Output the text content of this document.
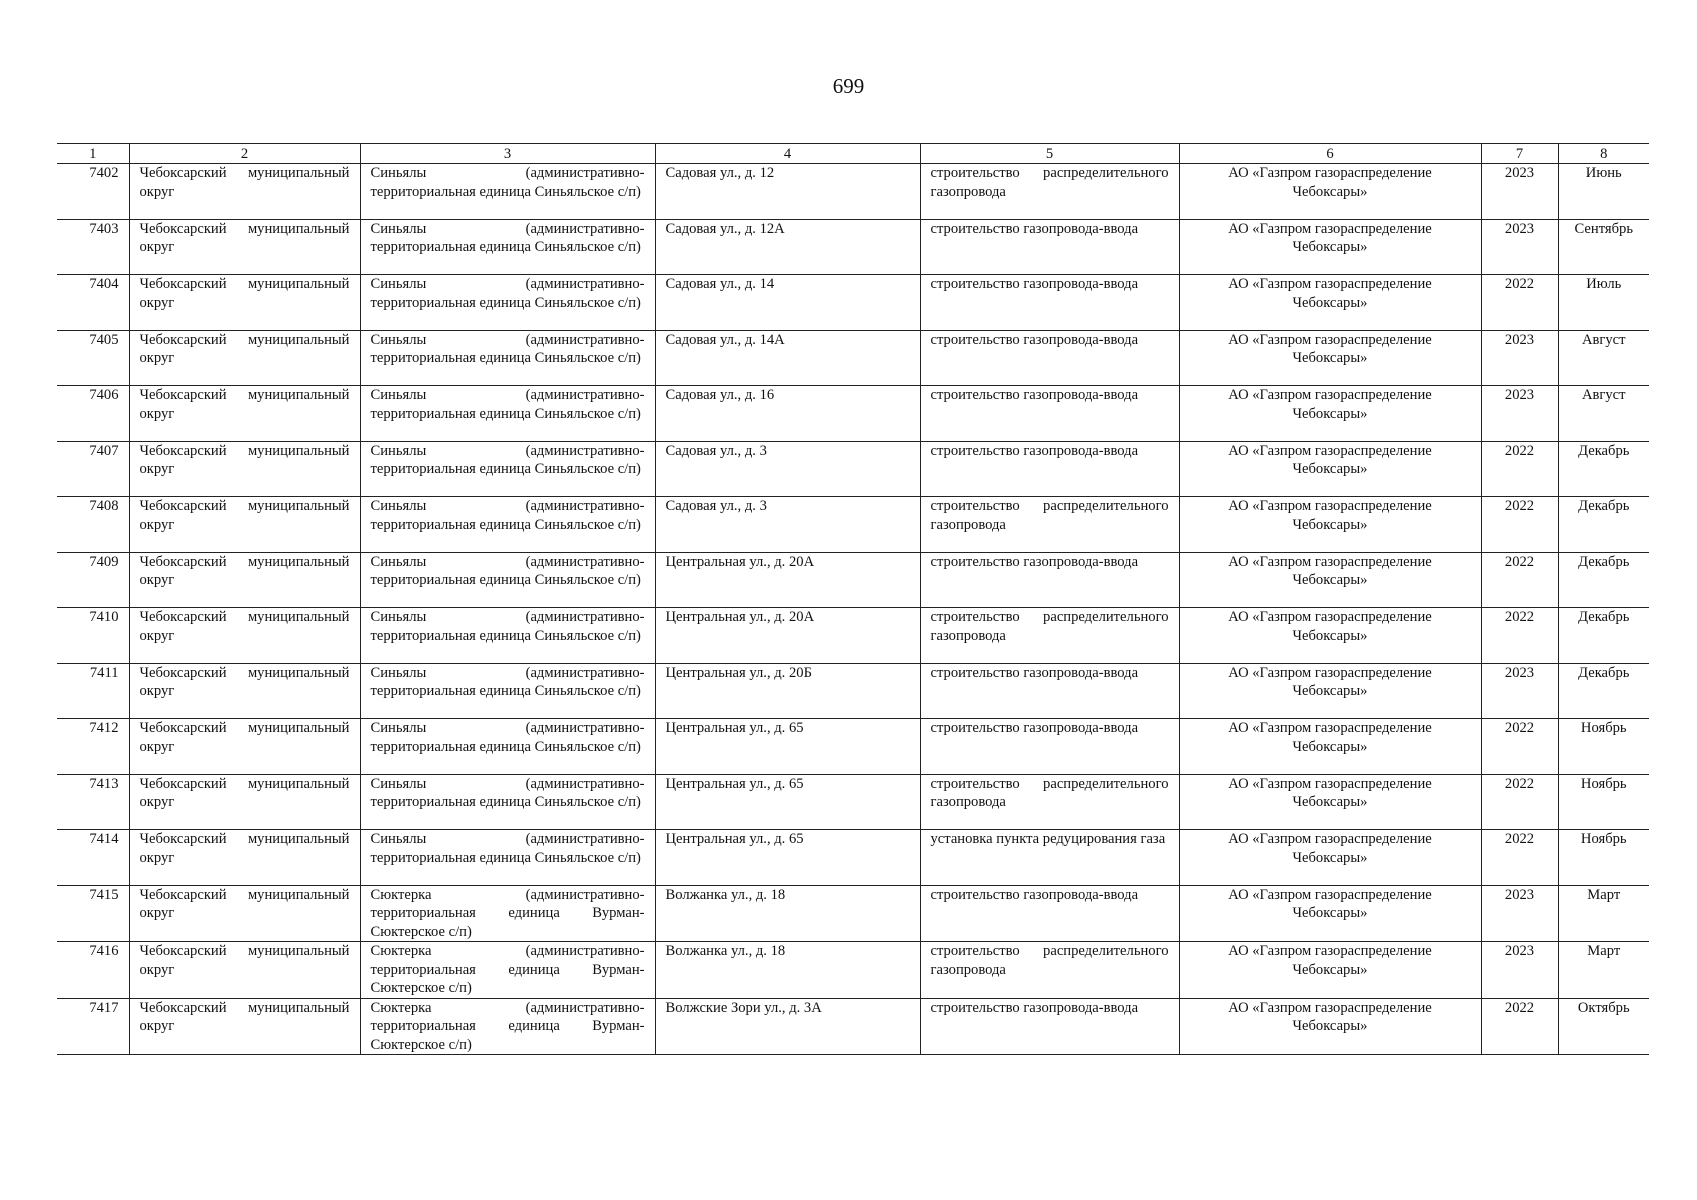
699
1	2	3	4	5	6	7	8
7402	Чебоксарский муниципальный округ	Синьялы (административно-территориальная единица Синьяльское с/п)	Садовая ул., д. 12	строительство распределительного газопровода	АО «Газпром газораспределение Чебоксары»	2023	Июнь
7403	Чебоксарский муниципальный округ	Синьялы (административно-территориальная единица Синьяльское с/п)	Садовая ул., д. 12А	строительство газопровода-ввода	АО «Газпром газораспределение Чебоксары»	2023	Сентябрь
7404	Чебоксарский муниципальный округ	Синьялы (административно-территориальная единица Синьяльское с/п)	Садовая ул., д. 14	строительство газопровода-ввода	АО «Газпром газораспределение Чебоксары»	2022	Июль
7405	Чебоксарский муниципальный округ	Синьялы (административно-территориальная единица Синьяльское с/п)	Садовая ул., д. 14А	строительство газопровода-ввода	АО «Газпром газораспределение Чебоксары»	2023	Август
7406	Чебоксарский муниципальный округ	Синьялы (административно-территориальная единица Синьяльское с/п)	Садовая ул., д. 16	строительство газопровода-ввода	АО «Газпром газораспределение Чебоксары»	2023	Август
7407	Чебоксарский муниципальный округ	Синьялы (административно-территориальная единица Синьяльское с/п)	Садовая ул., д. 3	строительство газопровода-ввода	АО «Газпром газораспределение Чебоксары»	2022	Декабрь
7408	Чебоксарский муниципальный округ	Синьялы (административно-территориальная единица Синьяльское с/п)	Садовая ул., д. 3	строительство распределительного газопровода	АО «Газпром газораспределение Чебоксары»	2022	Декабрь
7409	Чебоксарский муниципальный округ	Синьялы (административно-территориальная единица Синьяльское с/п)	Центральная ул., д. 20А	строительство газопровода-ввода	АО «Газпром газораспределение Чебоксары»	2022	Декабрь
7410	Чебоксарский муниципальный округ	Синьялы (административно-территориальная единица Синьяльское с/п)	Центральная ул., д. 20А	строительство распределительного газопровода	АО «Газпром газораспределение Чебоксары»	2022	Декабрь
7411	Чебоксарский муниципальный округ	Синьялы (административно-территориальная единица Синьяльское с/п)	Центральная ул., д. 20Б	строительство газопровода-ввода	АО «Газпром газораспределение Чебоксары»	2023	Декабрь
7412	Чебоксарский муниципальный округ	Синьялы (административно-территориальная единица Синьяльское с/п)	Центральная ул., д. 65	строительство газопровода-ввода	АО «Газпром газораспределение Чебоксары»	2022	Ноябрь
7413	Чебоксарский муниципальный округ	Синьялы (административно-территориальная единица Синьяльское с/п)	Центральная ул., д. 65	строительство распределительного газопровода	АО «Газпром газораспределение Чебоксары»	2022	Ноябрь
7414	Чебоксарский муниципальный округ	Синьялы (административно-территориальная единица Синьяльское с/п)	Центральная ул., д. 65	установка пункта редуцирования газа	АО «Газпром газораспределение Чебоксары»	2022	Ноябрь
7415	Чебоксарский муниципальный округ	Сюктерка (административно-территориальная единица Вурман-Сюктерское с/п)	Волжанка ул., д. 18	строительство газопровода-ввода	АО «Газпром газораспределение Чебоксары»	2023	Март
7416	Чебоксарский муниципальный округ	Сюктерка (административно-территориальная единица Вурман-Сюктерское с/п)	Волжанка ул., д. 18	строительство распределительного газопровода	АО «Газпром газораспределение Чебоксары»	2023	Март
7417	Чебоксарский муниципальный округ	Сюктерка (административно-территориальная единица Вурман-Сюктерское с/п)	Волжские Зори ул., д. 3А	строительство газопровода-ввода	АО «Газпром газораспределение Чебоксары»	2022	Октябрь
